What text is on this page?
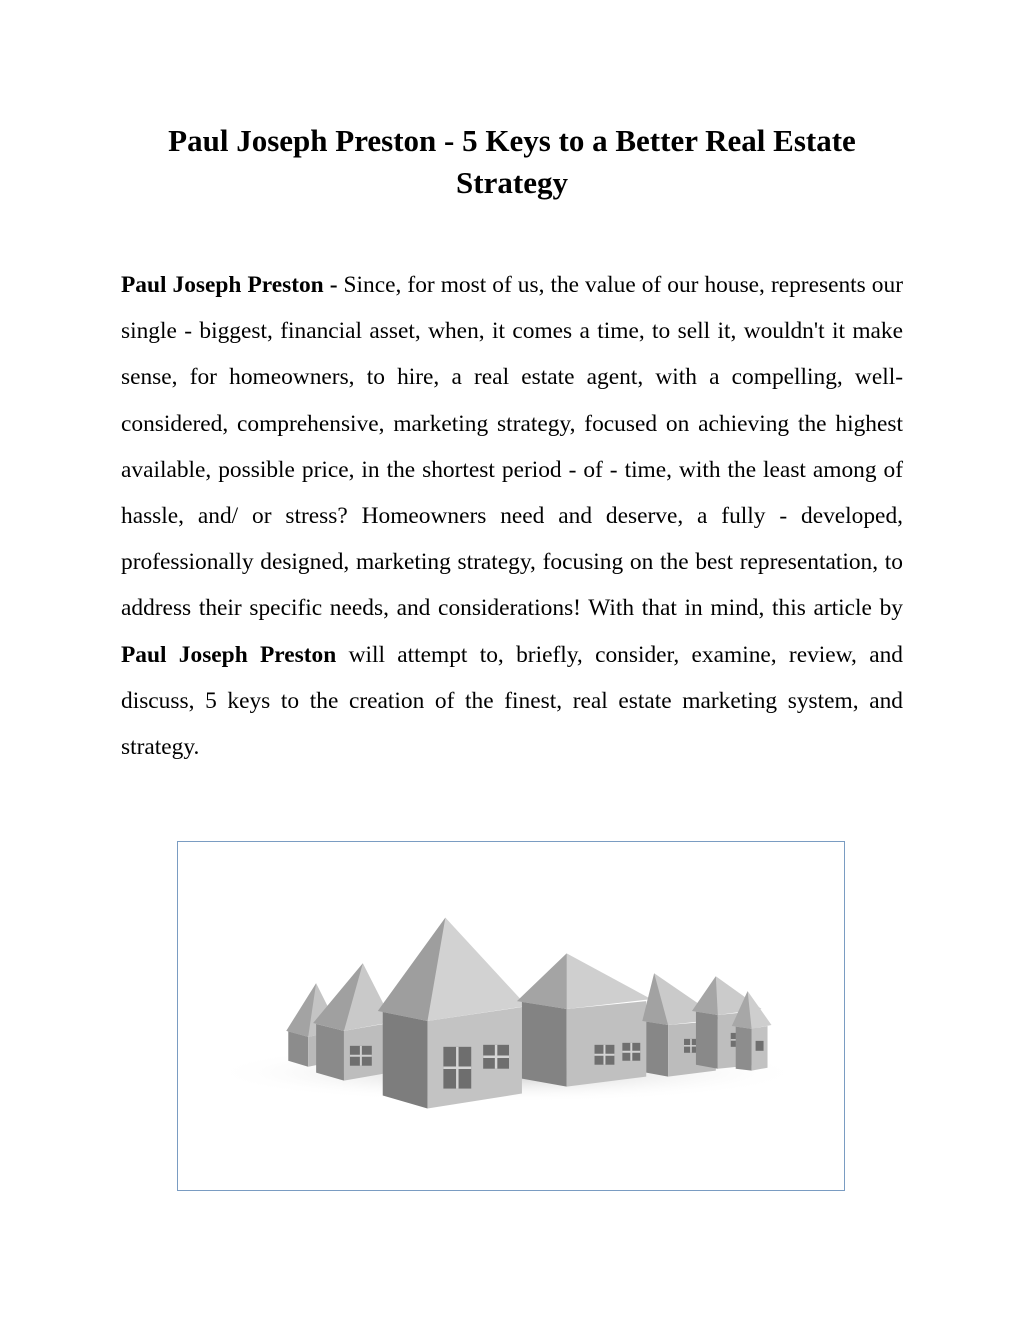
Paul Joseph Preston - 5 Keys to a Better Real Estate Strategy

Paul Joseph Preston - Since, for most of us, the value of our house, represents our single - biggest, financial asset, when, it comes a time, to sell it, wouldn't it make sense, for homeowners, to hire, a real estate agent, with a compelling, well-considered, comprehensive, marketing strategy, focused on achieving the highest available, possible price, in the shortest period - of - time, with the least among of hassle, and/ or stress? Homeowners need and deserve, a fully - developed, professionally designed, marketing strategy, focusing on the best representation, to address their specific needs, and considerations! With that in mind, this article by Paul Joseph Preston will attempt to, briefly, consider, examine, review, and discuss, 5 keys to the creation of the finest, real estate marketing system, and strategy.
